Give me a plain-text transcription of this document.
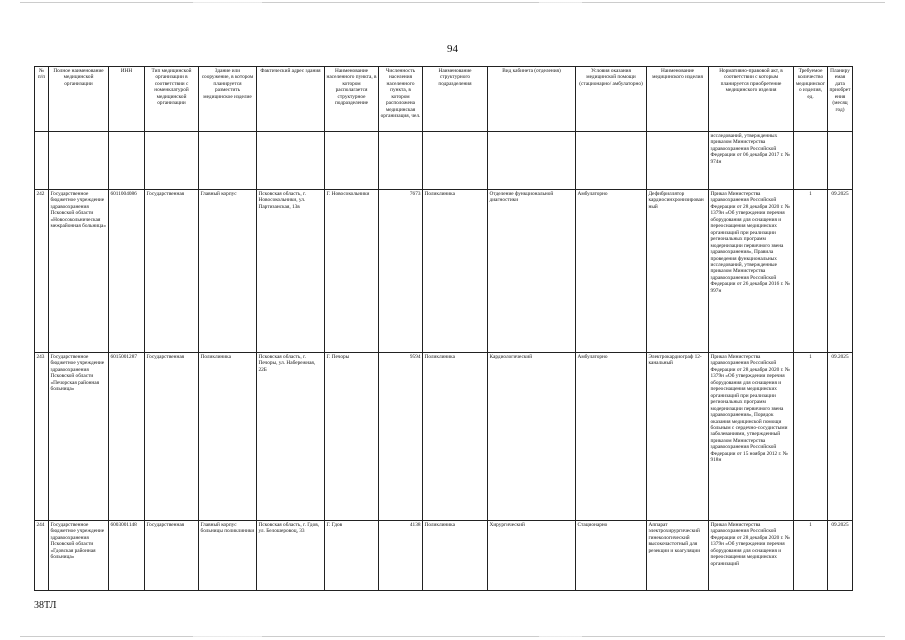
94
№ п/п	Полное наименование медицинской организации	ИНН	Тип медицинской организации в соответствии с номенклатурой медицинской организации	Здание или сооружение, в котором планируется разместить медицинское изделие	Фактический адрес здания	Наименование населенного пункта, в котором располагается структурное подразделение	Численность населения населенного пункта, в котором расположена медицинская организация, чел.	Наименование структурного подразделения	Вид кабинета (отделения)	Условия оказания медицинской помощи (стационарно/ амбулаторно)	Наименование медицинского изделия	Нормативно-правовой акт, в соответствии с которым планируется приобретение медицинского изделия	Требуемое количество медицинского изделия, ед.	Планируемая дата приобретения (месяц год)
												исследований, утвержденных приказом Министерства здравоохранения Российской Федерации от 06 декабря 2017 г. № 974н		
242	Государственное бюджетное учреждение здравоохранения Псковской области «Новосокольническая межрайонная больница»	6011004086	Государственная	Главный корпус	Псковская область, г. Новосокольники, ул. Партизанская, 13в	Г. Новосокольники	7673	Поликлиника	Отделение функциональной диагностики	Амбулаторно	Дефибриллятор кардиосинхронизированный	Приказ Министерства здравоохранения Российской Федерации от 28 декабря 2020 г. № 1379н «Об утверждении перечня оборудования для оснащения и переоснащения медицинских организаций при реализации региональных программ модернизации первичного звена здравоохранения», Правила проведения функциональных исследований, утвержденные приказом Министерства здравоохранения Российской Федерации от 26 декабря 2016 г. № 997н	1	09.2025
243	Государственное бюджетное учреждение здравоохранения Псковской области «Печорская районная больница»	6015001287	Государственная	Поликлиника	Псковская область, г. Печоры, ул. Набережная, 22Б	Г. Печоры	9594	Поликлиника	Кардиологический	Амбулаторно	Электрокардиограф 12-канальный	Приказ Министерства здравоохранения Российской Федерации от 28 декабря 2020 г. № 1379н «Об утверждении перечня оборудования для оснащения и переоснащения медицинских организаций при реализации региональных программ модернизации первичного звена здравоохранения», Порядок оказания медицинской помощи больным с сердечно-сосудистыми заболеваниями, утвержденный приказом Министерства здравоохранения Российской Федерации от 15 ноября 2012 г. № 918н	1	09.2025
244	Государственное бюджетное учреждение здравоохранения Псковской области «Гдовская районная больница»	6003001148	Государственная	Главный корпус больницы поликлиники	Псковская область, г. Гдов, ул. Белошеровоц, 33	Г. Гдов	4138	Поликлиника	Хирургический	Стационарно	Аппарат электрохирургический гинекологический высокочастотный для резекции и коагуляции	Приказ Министерства здравоохранения Российской Федерации от 28 декабря 2020 г. № 1379н «Об утверждении перечня оборудования для оснащения и переоснащения медицинских организаций	1	09.2025
38ТЛ
